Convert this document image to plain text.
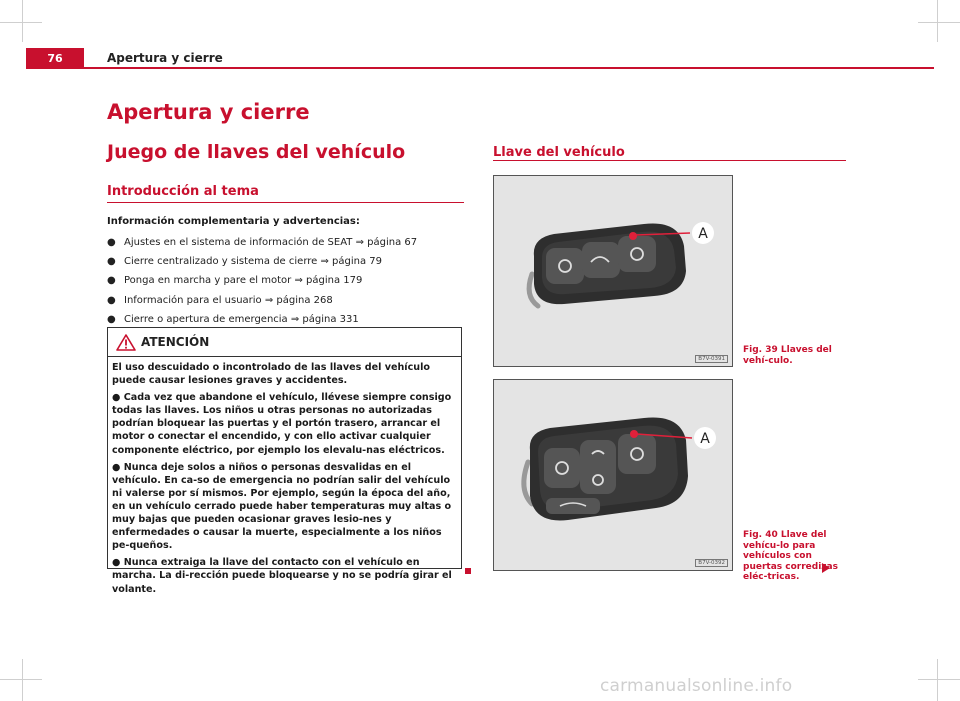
76	Apertura y cierre
Apertura y cierre
Juego de llaves del vehículo
Introducción al tema
Información complementaria y advertencias:
● Ajustes en el sistema de información de SEAT ⇒ página 67
● Cierre centralizado y sistema de cierre ⇒ página 79
● Ponga en marcha y pare el motor ⇒ página 179
● Información para el usuario ⇒ página 268
● Cierre o apertura de emergencia ⇒ página 331
ATENCIÓN

El uso descuidado o incontrolado de las llaves del vehículo puede causar lesiones graves y accidentes.

● Cada vez que abandone el vehículo, llévese siempre consigo todas las llaves. Los niños u otras personas no autorizadas podrían bloquear las puertas y el portón trasero, arrancar el motor o conectar el encendido, y con ello activar cualquier componente eléctrico, por ejemplo los elevalu-nas eléctricos.

● Nunca deje solos a niños o personas desvalidas en el vehículo. En ca-so de emergencia no podrían salir del vehículo ni valerse por sí mismos. Por ejemplo, según la época del año, en un vehículo cerrado puede haber temperaturas muy altas o muy bajas que pueden ocasionar graves lesio-nes y enfermedades o causar la muerte, especialmente a los niños pe-queños.

● Nunca extraiga la llave del contacto con el vehículo en marcha. La di-rección puede bloquearse y no se podría girar el volante.

Llave del vehículo
A
B7V-0391
Fig. 39 Llaves del vehí-culo.
A
B7V-0392
Fig. 40 Llave del vehícu-lo para vehículos con puertas corredizas eléc-tricas.
carmanualsonline.info
